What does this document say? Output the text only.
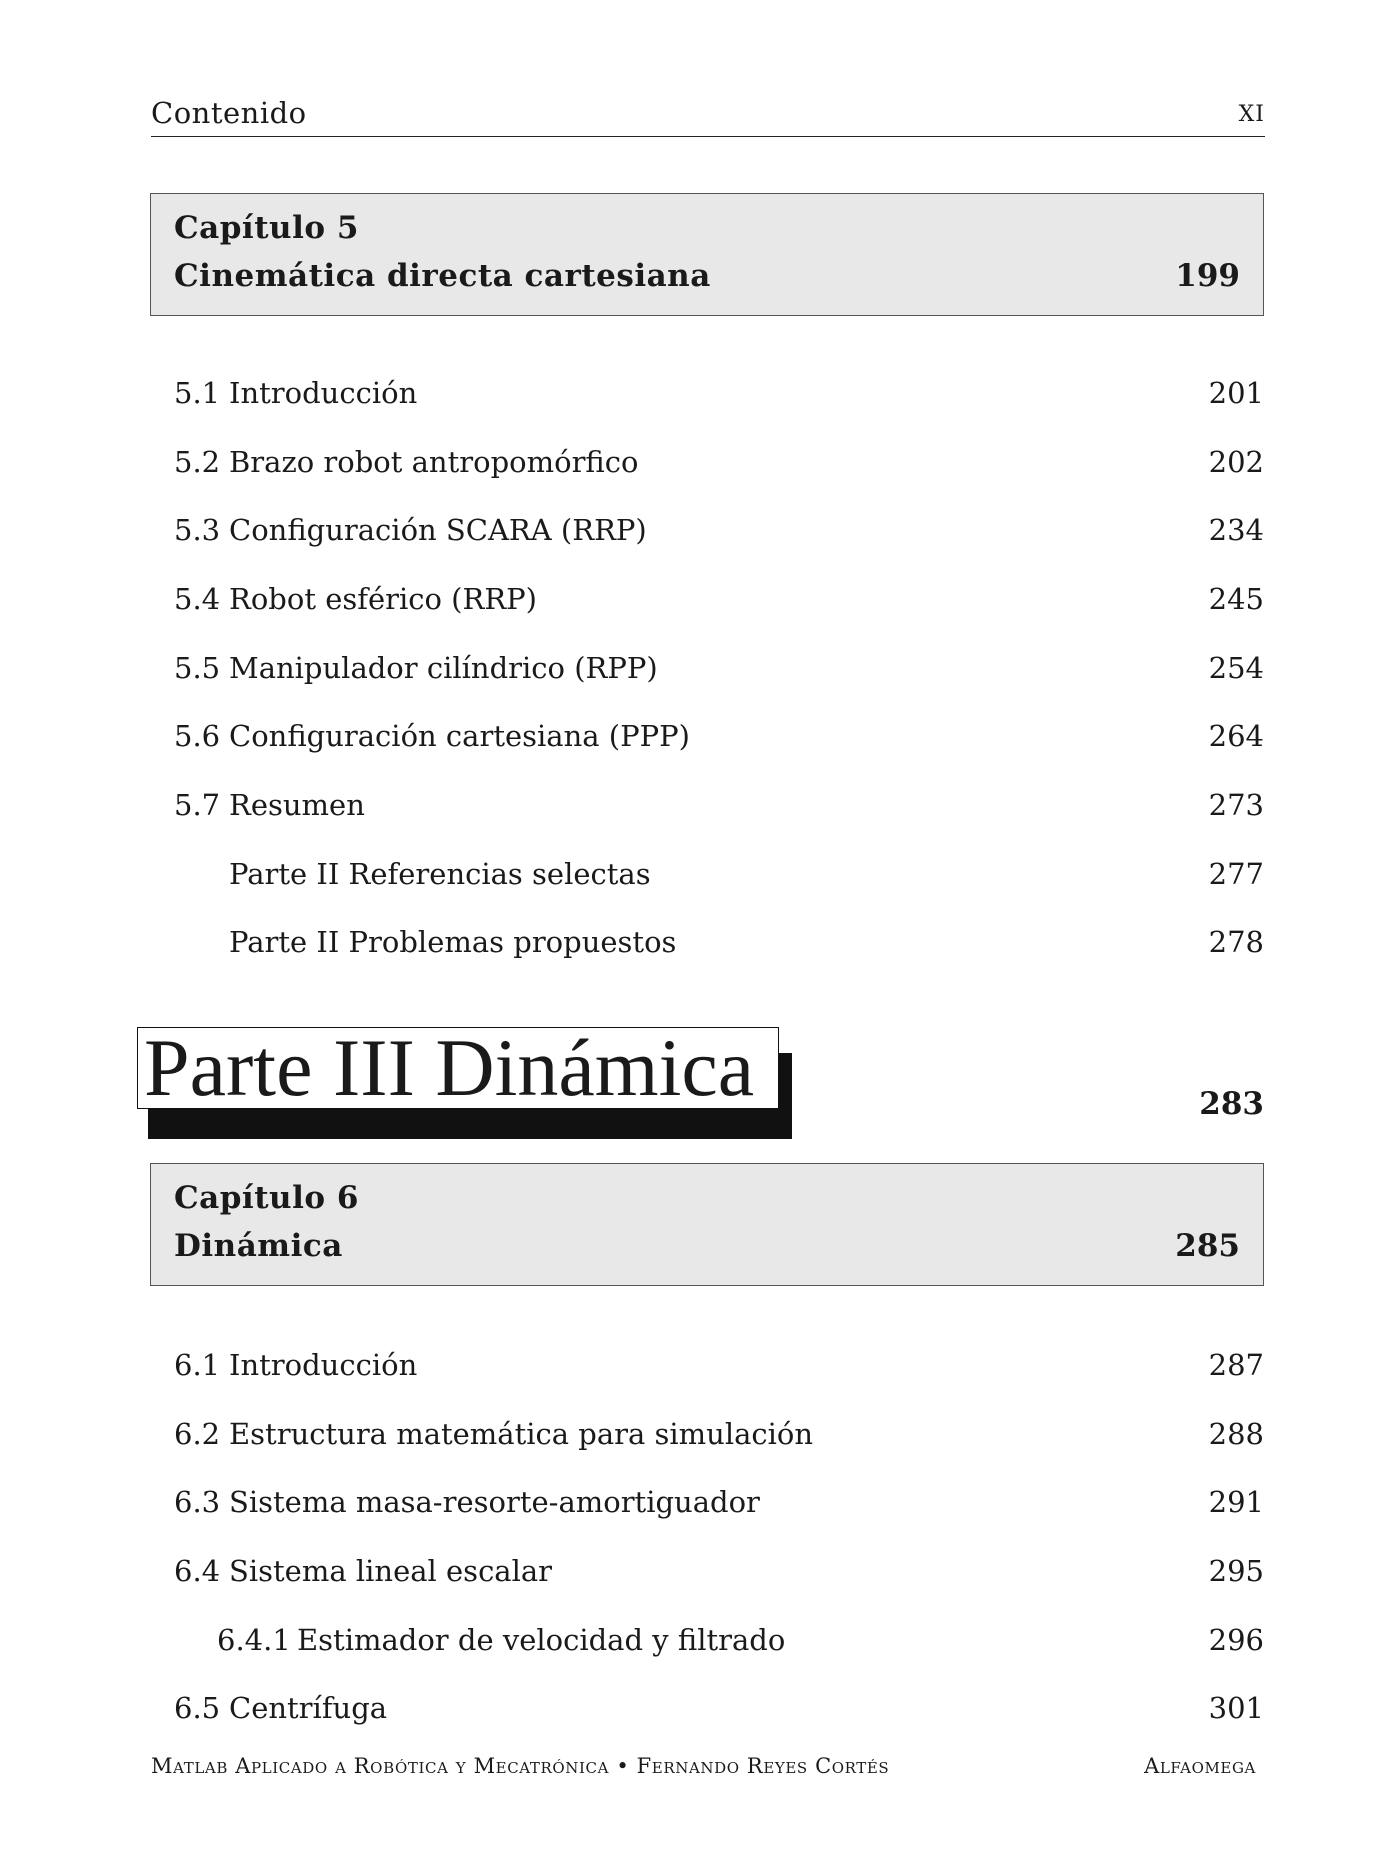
Contenido	XI
Capítulo 5
Cinemática directa cartesiana	199
5.1 Introducción	201
5.2 Brazo robot antropomórfico	202
5.3 Configuración SCARA (RRP)	234
5.4 Robot esférico (RRP)	245
5.5 Manipulador cilíndrico (RPP)	254
5.6 Configuración cartesiana (PPP)	264
5.7 Resumen	273
Parte II Referencias selectas	277
Parte II Problemas propuestos	278
Parte III Dinámica	283
Capítulo 6
Dinámica	285
6.1 Introducción	287
6.2 Estructura matemática para simulación	288
6.3 Sistema masa-resorte-amortiguador	291
6.4 Sistema lineal escalar	295
6.4.1 Estimador de velocidad y filtrado	296
6.5 Centrífuga	301
Matlab Aplicado a Robótica y Mecatrónica • Fernando Reyes Cortés	Alfaomega
